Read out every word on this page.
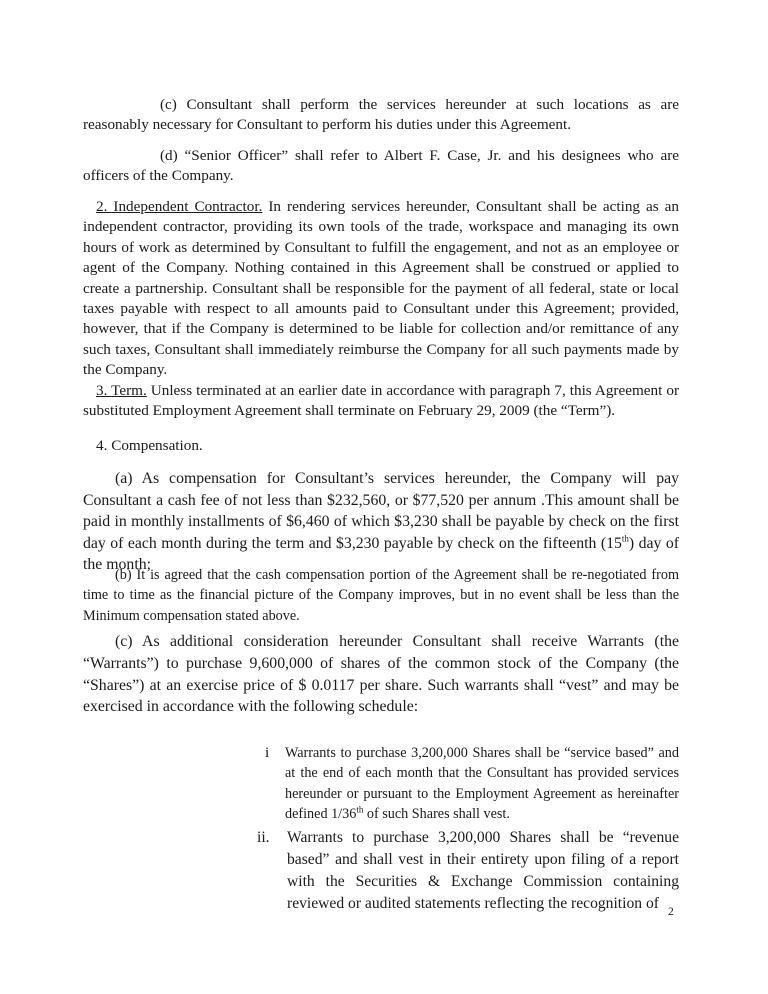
(c) Consultant shall perform the services hereunder at such locations as are reasonably necessary for Consultant to perform his duties under this Agreement.

(d) “Senior Officer” shall refer to Albert F. Case, Jr. and his designees who are officers of the Company.

2. Independent Contractor. In rendering services hereunder, Consultant shall be acting as an independent contractor, providing its own tools of the trade, workspace and managing its own hours of work as determined by Consultant to fulfill the engagement, and not as an employee or agent of the Company. Nothing contained in this Agreement shall be construed or applied to create a partnership. Consultant shall be responsible for the payment of all federal, state or local taxes payable with respect to all amounts paid to Consultant under this Agreement; provided, however, that if the Company is determined to be liable for collection and/or remittance of any such taxes, Consultant shall immediately reimburse the Company for all such payments made by the Company.

3. Term. Unless terminated at an earlier date in accordance with paragraph 7, this Agreement or substituted Employment Agreement shall terminate on February 29, 2009 (the “Term”).

4. Compensation.

(a) As compensation for Consultant’s services hereunder, the Company will pay Consultant a cash fee of not less than $232,560, or $77,520 per annum .This amount shall be paid in monthly installments of $6,460 of which $3,230 shall be payable by check on the first day of each month during the term and $3,230 payable by check on the fifteenth (15th) day of the month;

(b) It is agreed that the cash compensation portion of the Agreement shall be re-negotiated from time to time as the financial picture of the Company improves, but in no event shall be less than the Minimum compensation stated above.

(c) As additional consideration hereunder Consultant shall receive Warrants (the “Warrants”) to purchase 9,600,000 of shares of the common stock of the Company (the “Shares”) at an exercise price of $ 0.0117 per share. Such warrants shall “vest” and may be exercised in accordance with the following schedule:

i Warrants to purchase 3,200,000 Shares shall be “service based” and at the end of each month that the Consultant has provided services hereunder or pursuant to the Employment Agreement as hereinafter defined 1/36th of such Shares shall vest.
ii. Warrants to purchase 3,200,000 Shares shall be “revenue based” and shall vest in their entirety upon filing of a report with the Securities & Exchange Commission containing reviewed or audited statements reflecting the recognition of 2
